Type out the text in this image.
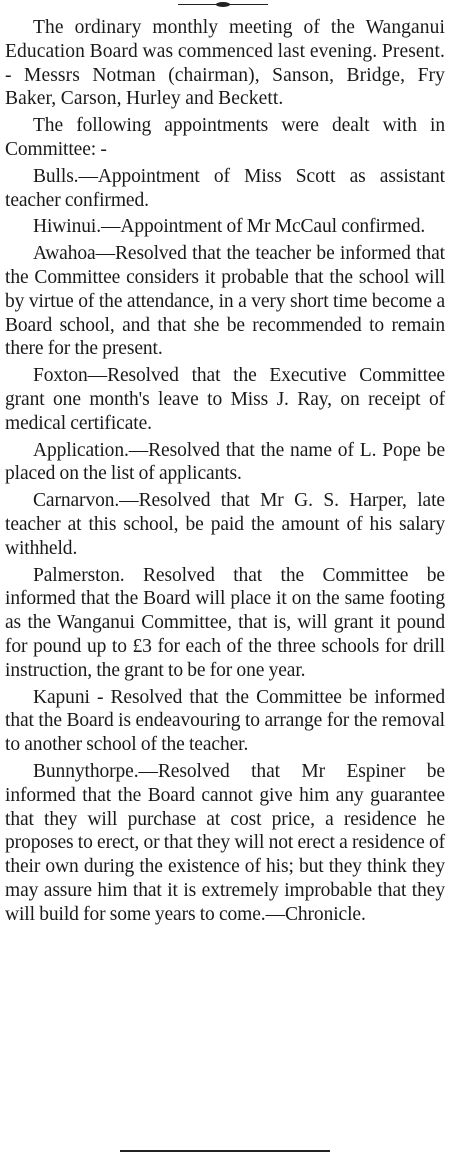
The ordinary monthly meeting of the Wanganui Education Board was commenced last evening. Present. - Messrs Notman (chairman), Sanson, Bridge, Fry Baker, Carson, Hurley and Beckett.

The following appointments were dealt with in Committee: -

Bulls.—Appointment of Miss Scott as assistant teacher confirmed.

Hiwinui.—Appointment of Mr McCaul confirmed.

Awahoa—Resolved that the teacher be informed that the Committee considers it probable that the school will by virtue of the attendance, in a very short time become a Board school, and that she be recommended to remain there for the present.

Foxton—Resolved that the Executive Committee grant one month's leave to Miss J. Ray, on receipt of medical certificate.

Application.—Resolved that the name of L. Pope be placed on the list of applicants.

Carnarvon.—Resolved that Mr G. S. Harper, late teacher at this school, be paid the amount of his salary withheld.

Palmerston. Resolved that the Committee be informed that the Board will place it on the same footing as the Wanganui Committee, that is, will grant it pound for pound up to £3 for each of the three schools for drill instruction, the grant to be for one year.

Kapuni - Resolved that the Committee be informed that the Board is endeavouring to arrange for the removal to another school of the teacher.

Bunnythorpe.—Resolved that Mr Espiner be informed that the Board cannot give him any guarantee that they will purchase at cost price, a residence he proposes to erect, or that they will not erect a residence of their own during the existence of his; but they think they may assure him that it is extremely improbable that they will build for some years to come.—Chronicle.
